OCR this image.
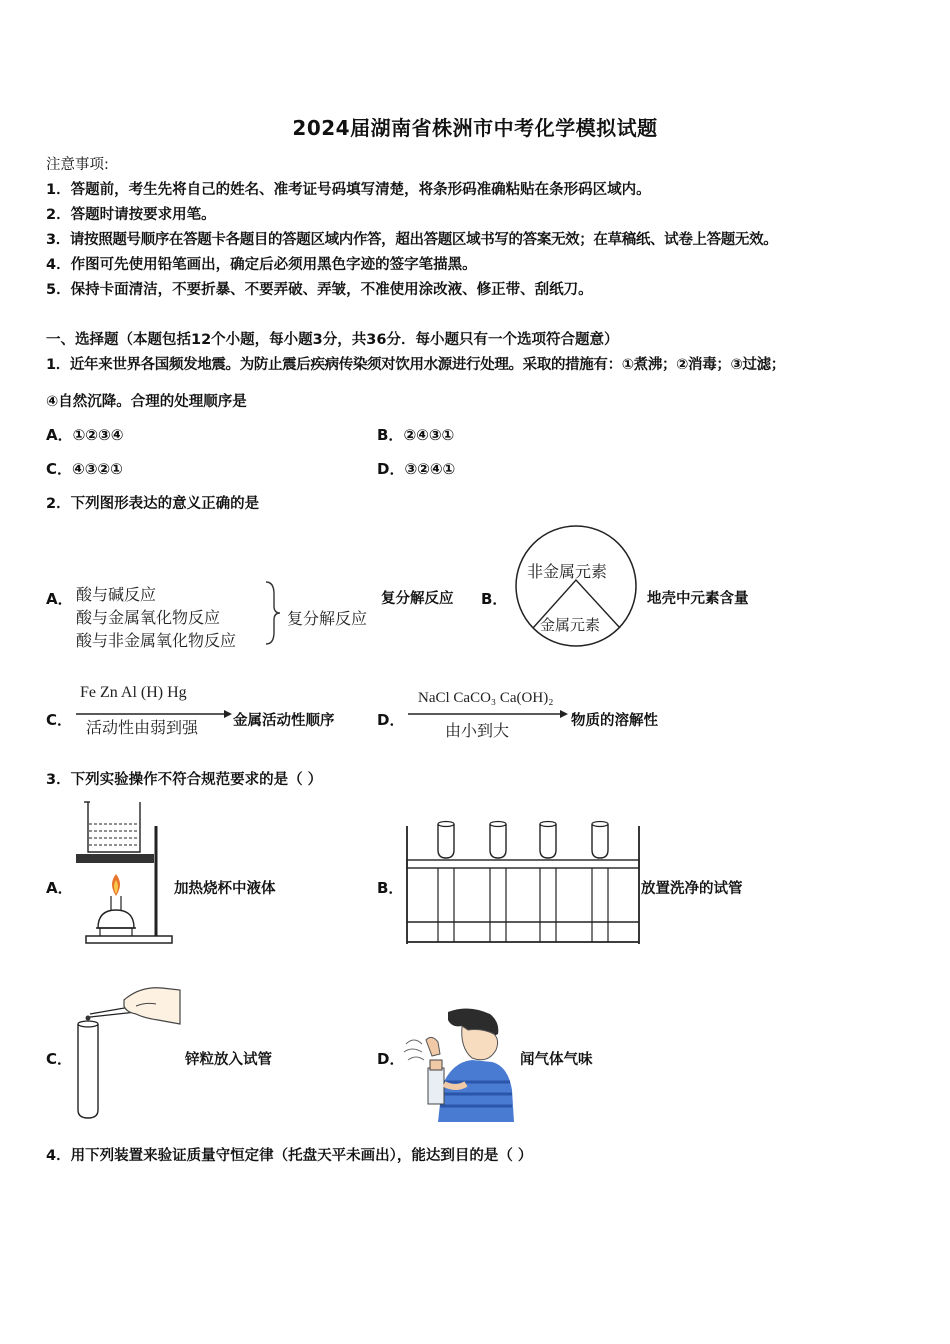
2024届湖南省株洲市中考化学模拟试题
注意事项:
1．答题前，考生先将自己的姓名、准考证号码填写清楚，将条形码准确粘贴在条形码区域内。
2．答题时请按要求用笔。
3．请按照题号顺序在答题卡各题目的答题区域内作答，超出答题区域书写的答案无效；在草稿纸、试卷上答题无效。
4．作图可先使用铅笔画出，确定后必须用黑色字迹的签字笔描黑。
5．保持卡面清洁，不要折暴、不要弄破、弄皱，不准使用涂改液、修正带、刮纸刀。
一、选择题（本题包括12个小题，每小题3分，共36分．每小题只有一个选项符合题意）
1．近年来世界各国频发地震。为防止震后疾病传染须对饮用水源进行处理。采取的措施有：①煮沸；②消毒；③过滤；
④自然沉降。合理的处理顺序是
A．①②③④	B．②④③①
C．④③②①	D．③②④①
2．下列图形表达的意义正确的是
A． 酸与碱反应
酸与金属氧化物反应
酸与非金属氧化物反应
复分解反应
复分解反应 B．
非金属元素
金属元素
地壳中元素含量
C．
Fe Zn Al (H) Hg
活动性由弱到强 金属活动性顺序	D．
NaCl CaCO₃ Ca(OH)₂
由小到大	物质的溶解性
3．下列实验操作不符合规范要求的是（ ）
A．	加热烧杯中液体	B．	放置洗净的试管
C．	锌粒放入试管	D．	闻气体气味
4．用下列装置来验证质量守恒定律（托盘天平未画出），能达到目的是（ ）
